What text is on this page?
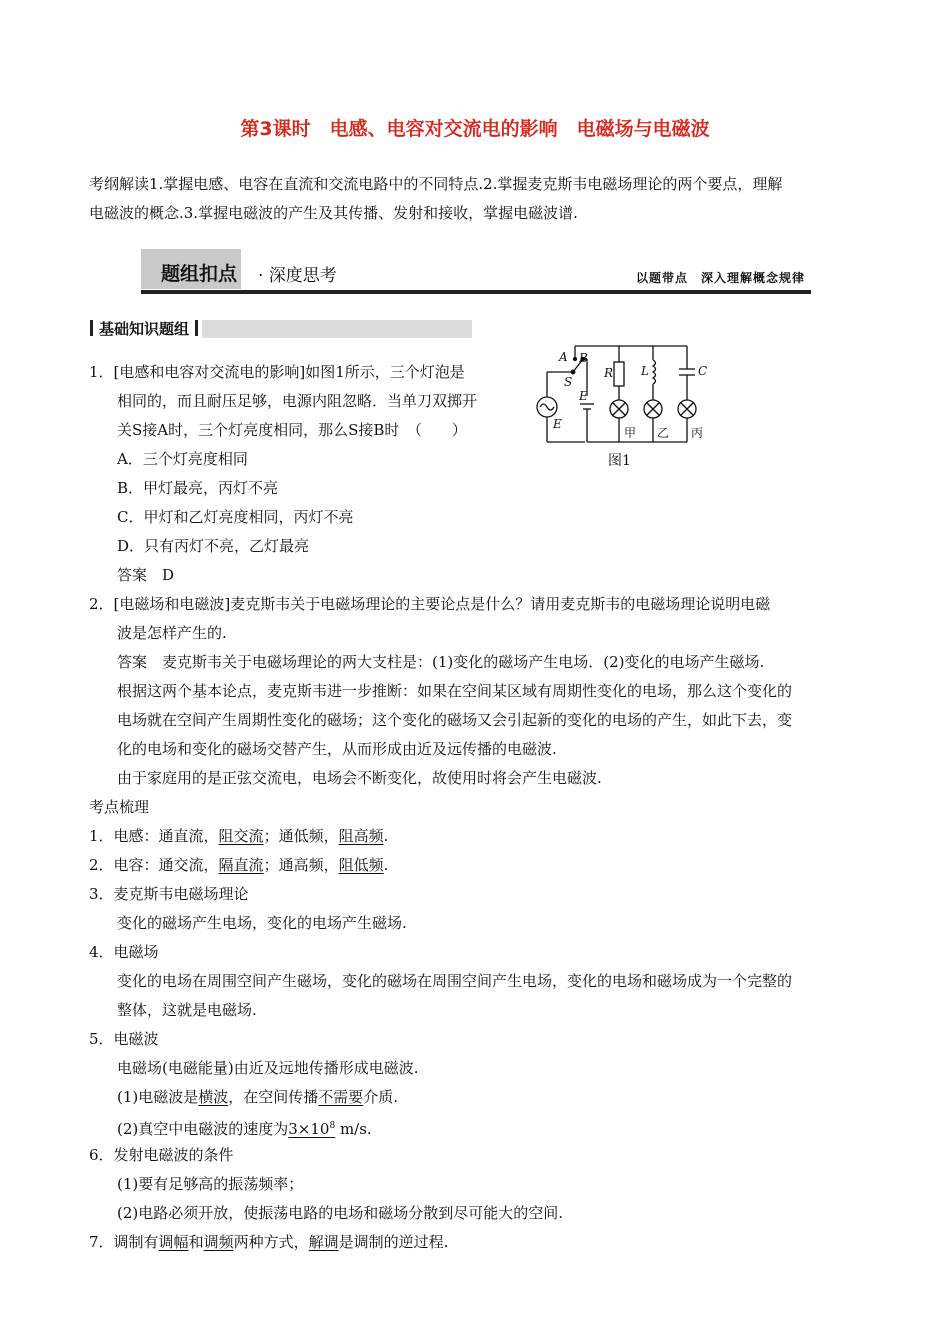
第3课时　电感、电容对交流电的影响　电磁场与电磁波
考纲解读1.掌握电感、电容在直流和交流电路中的不同特点.2.掌握麦克斯韦电磁场理论的两个要点，理解
电磁波的概念.3.掌握电磁波的产生及其传播、发射和接收，掌握电磁波谱.
题组扣点 · 深度思考	以题带点　深入理解概念规律
基础知识题组
1．[电感和电容对交流电的影响]如图1所示，三个灯泡是
相同的，而且耐压足够，电源内阻忽略．当单刀双掷开
关S接A时，三个灯亮度相同，那么S接B时　（　　）
A．三个灯亮度相同
B．甲灯最亮，丙灯不亮
C．甲灯和乙灯亮度相同，丙灯不亮
D．只有丙灯不亮，乙灯最亮
答案　D
A B
S
E
E
R L	C
甲 乙 丙
图1
2．[电磁场和电磁波]麦克斯韦关于电磁场理论的主要论点是什么？请用麦克斯韦的电磁场理论说明电磁
波是怎样产生的.
答案　麦克斯韦关于电磁场理论的两大支柱是：(1)变化的磁场产生电场．(2)变化的电场产生磁场.
根据这两个基本论点，麦克斯韦进一步推断：如果在空间某区域有周期性变化的电场，那么这个变化的
电场就在空间产生周期性变化的磁场；这个变化的磁场又会引起新的变化的电场的产生，如此下去，变
化的电场和变化的磁场交替产生，从而形成由近及远传播的电磁波.
由于家庭用的是正弦交流电，电场会不断变化，故使用时将会产生电磁波.
考点梳理
1．电感：通直流，阻交流；通低频，阻高频.
2．电容：通交流，隔直流；通高频，阻低频.
3．麦克斯韦电磁场理论
变化的磁场产生电场，变化的电场产生磁场.
4．电磁场
变化的电场在周围空间产生磁场，变化的磁场在周围空间产生电场，变化的电场和磁场成为一个完整的
整体，这就是电磁场.
5．电磁波
电磁场(电磁能量)由近及远地传播形成电磁波.
(1)电磁波是横波，在空间传播不需要介质.
(2)真空中电磁波的速度为$3\times 10^8$ m/s.
6．发射电磁波的条件
(1)要有足够高的振荡频率；
(2)电路必须开放，使振荡电路的电场和磁场分散到尽可能大的空间.
7．调制有调幅和调频两种方式，解调是调制的逆过程.
